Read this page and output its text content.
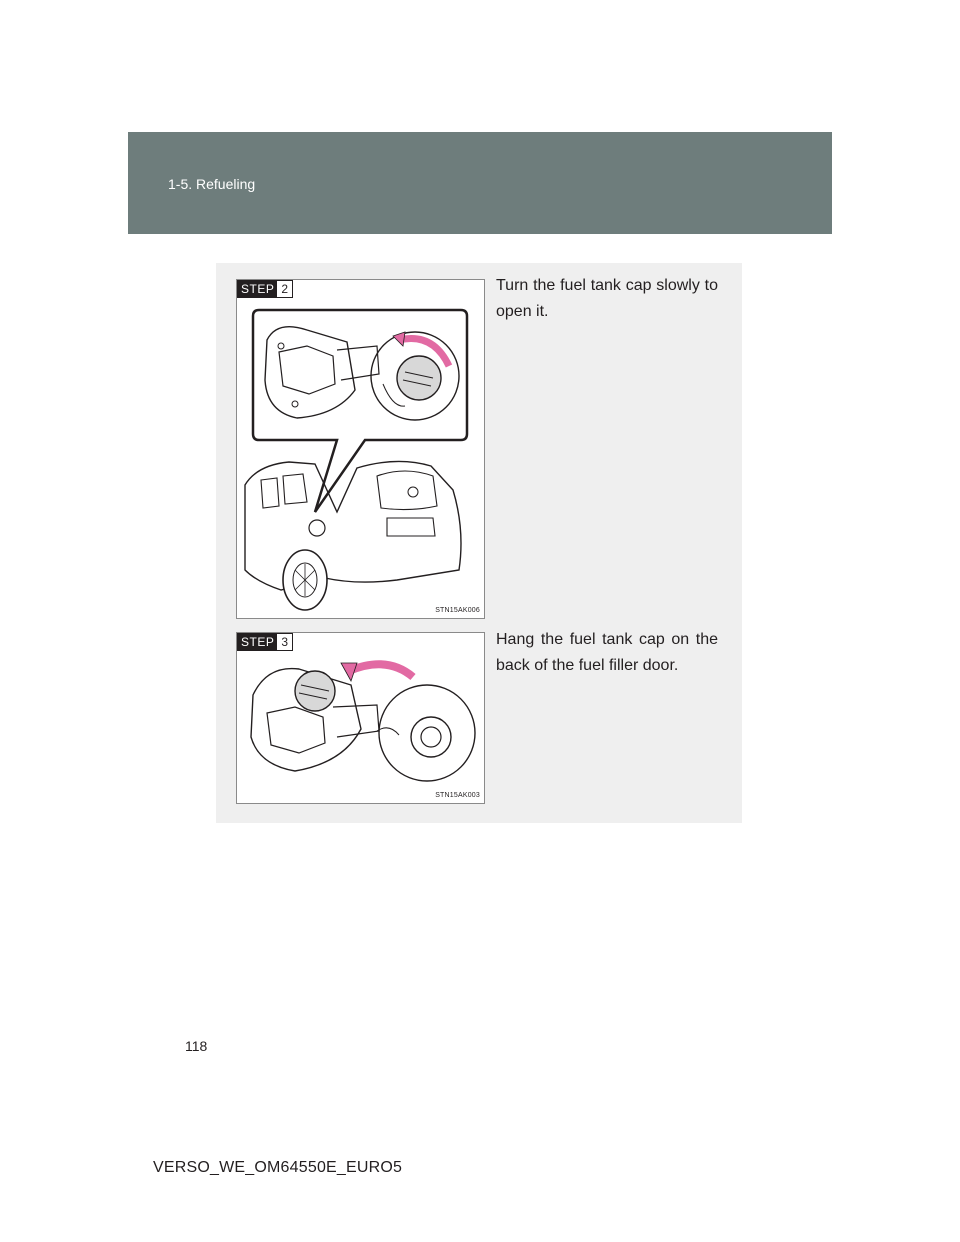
1-5. Refueling
STEP 2
STN15AK006
Turn the fuel tank cap slowly to open it.
STEP 3
STN15AK003
Hang the fuel tank cap on the back of the fuel filler door.
118
VERSO_WE_OM64550E_EURO5
